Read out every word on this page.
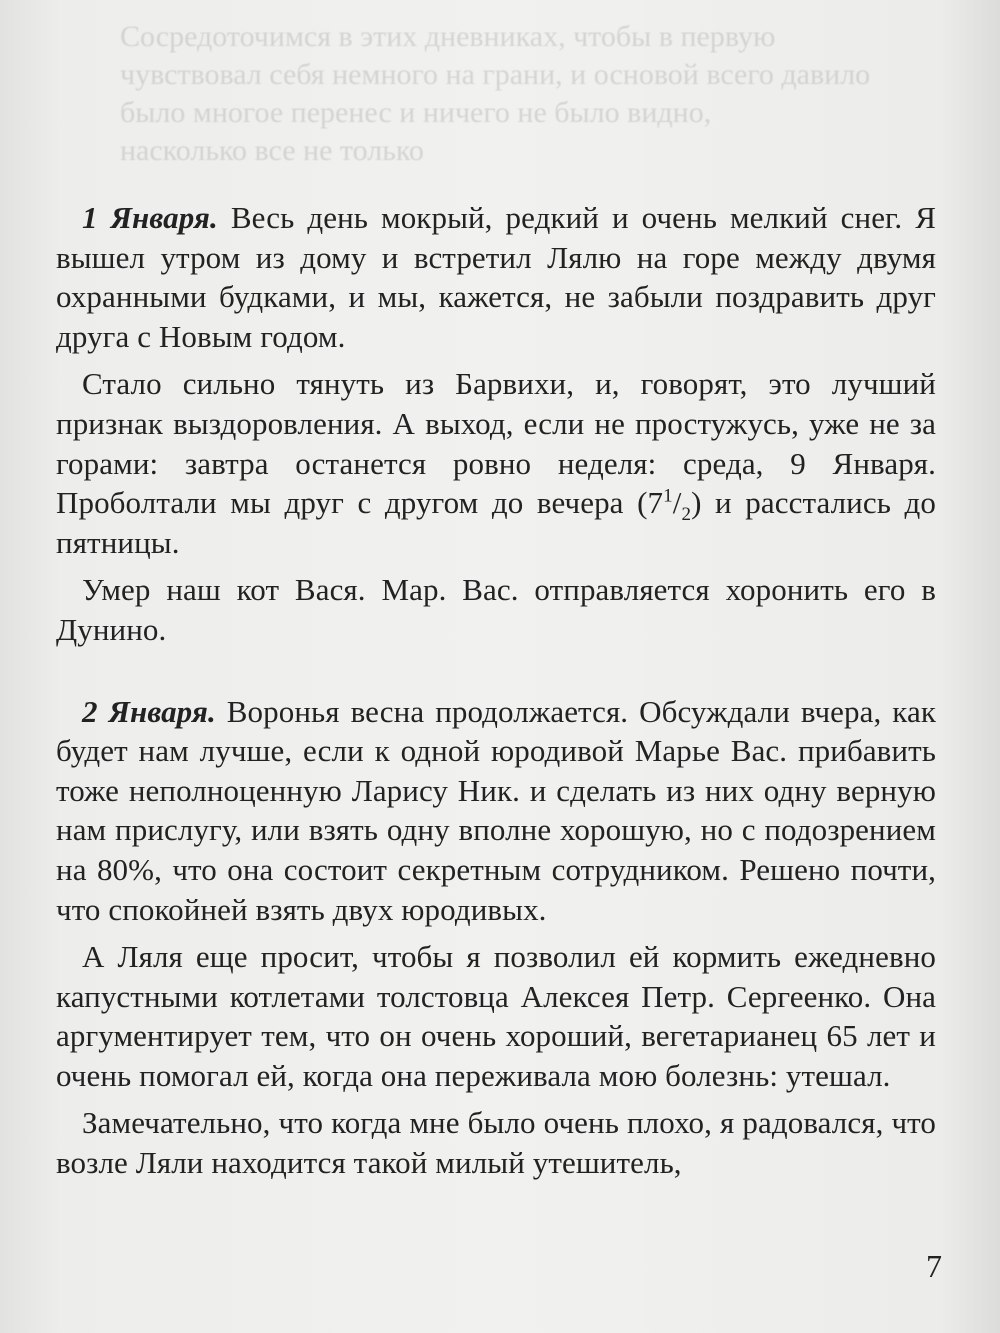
Сосредоточимся в этих дневниках, чтобы в первую
чувствовал себя немного на грани, и основой всего давило
было многое перенес и ничего не было видно,
насколько все не только

1 Января. Весь день мокрый, редкий и очень мелкий снег. Я вышел утром из дому и встретил Лялю на горе между двумя охранными будками, и мы, кажется, не забыли поздравить друг друга с Новым годом.

Стало сильно тянуть из Барвихи, и, говорят, это лучший признак выздоровления. А выход, если не простужусь, уже не за горами: завтра останется ровно неделя: среда, 9 Января. Проболтали мы друг с другом до вечера $(7^1/_2)$ и расстались до пятницы.

Умер наш кот Вася. Мар. Вас. отправляется хоронить его в Дунино.

2 Января. Воронья весна продолжается. Обсуждали вчера, как будет нам лучше, если к одной юродивой Марье Вас. прибавить тоже неполноценную Ларису Ник. и сделать из них одну верную нам прислугу, или взять одну вполне хорошую, но с подозрением на 80%, что она состоит секретным сотрудником. Решено почти, что спокойней взять двух юродивых.

А Ляля еще просит, чтобы я позволил ей кормить ежедневно капустными котлетами толстовца Алексея Петр. Сергеенко. Она аргументирует тем, что он очень хороший, вегетарианец 65 лет и очень помогал ей, когда она переживала мою болезнь: утешал.

Замечательно, что когда мне было очень плохо, я радовался, что возле Ляли находится такой милый утешитель,

7
